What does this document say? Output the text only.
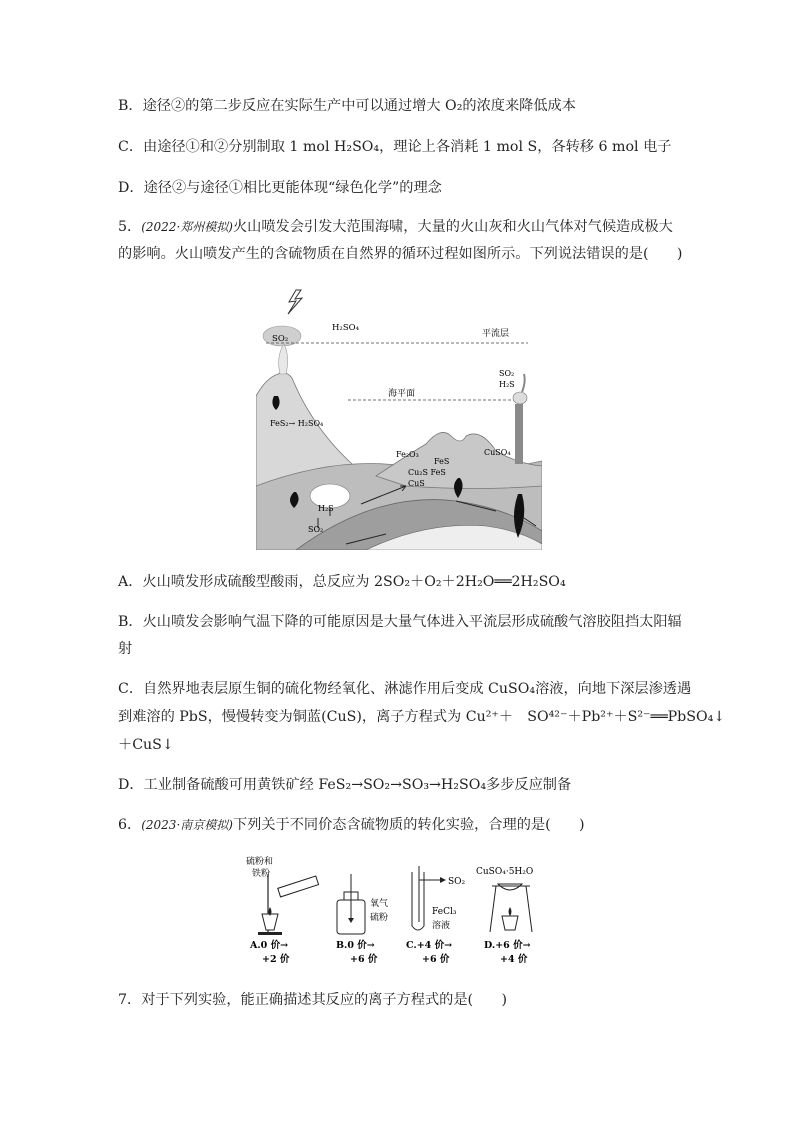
B．途径②的第二步反应在实际生产中可以通过增大 O₂的浓度来降低成本
C．由途径①和②分别制取 1 mol H₂SO₄，理论上各消耗 1 mol S，各转移 6 mol 电子
D．途径②与途径①相比更能体现“绿色化学”的理念
5．(2022·郑州模拟)火山喷发会引发大范围海啸，大量的火山灰和火山气体对气候造成极大的影响。火山喷发产生的含硫物质在自然界的循环过程如图所示。下列说法错误的是(　　)
SO₂
H₂SO₄
平流层
海平面
SO₂
H₂S
FeS₂→ H₂SO₄
Fe₂O₃
FeS
Cu₂S FeS
CuS
CuSO₄
H₂S
SO₂
A．火山喷发形成硫酸型酸雨，总反应为 2SO₂＋O₂＋2H₂O══2H₂SO₄
B．火山喷发会影响气温下降的可能原因是大量气体进入平流层形成硫酸气溶胶阻挡太阳辐
射
C．自然界地表层原生铜的硫化物经氧化、淋滤作用后变成 CuSO₄溶液，向地下深层渗透遇
到难溶的 PbS，慢慢转变为铜蓝(CuS)，离子方程式为 Cu²⁺＋　SO⁴²⁻＋Pb²⁺＋S²⁻══PbSO₄↓
＋CuS↓
D．工业制备硫酸可用黄铁矿经 FeS₂→SO₂→SO₃→H₂SO₄多步反应制备
6．(2023·南京模拟)下列关于不同价态含硫物质的转化实验，合理的是(　　)
硫粉和
铁粉
氧气
硫粉
SO₂
FeCl₃
溶液
CuSO₄·5H₂O
A.0 价→
+2 价
B.0 价→
+6 价
C.+4 价→
+6 价
D.+6 价→
+4 价
7．对于下列实验，能正确描述其反应的离子方程式的是(　　)
